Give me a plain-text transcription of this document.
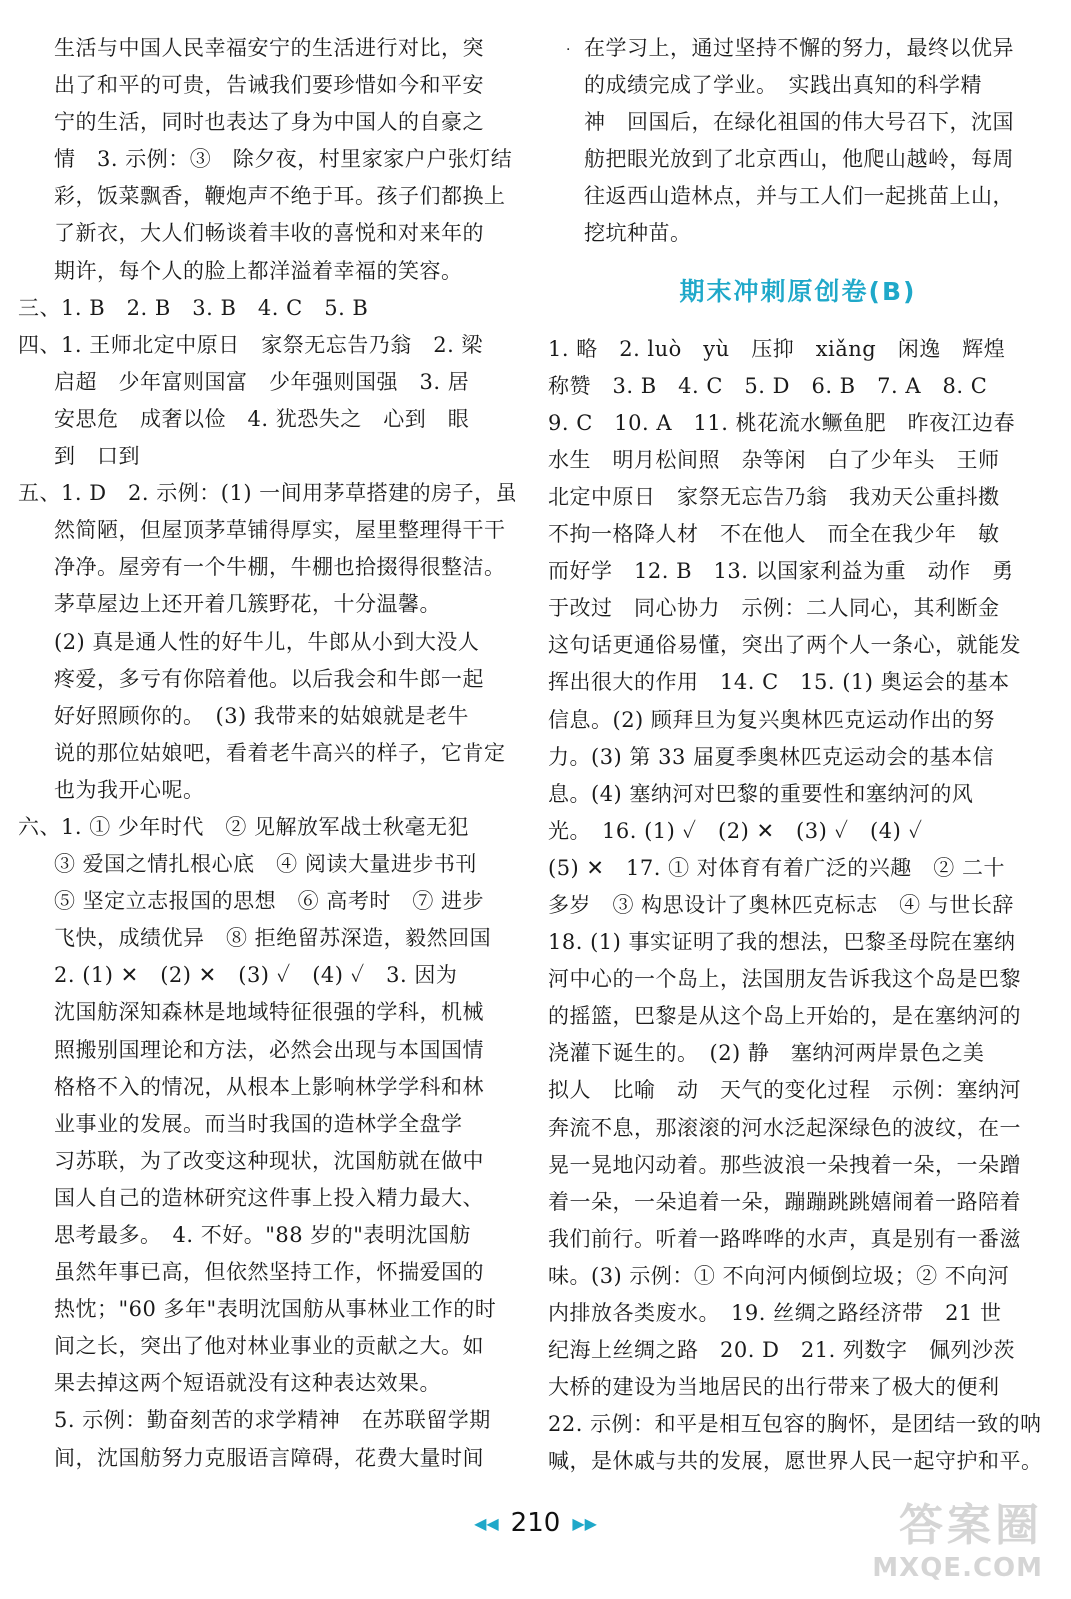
生活与中国人民幸福安宁的生活进行对比，突
出了和平的可贵，告诫我们要珍惜如今和平安
宁的生活，同时也表达了身为中国人的自豪之
情　3. 示例：③　除夕夜，村里家家户户张灯结
彩，饭菜飘香，鞭炮声不绝于耳。孩子们都换上
了新衣，大人们畅谈着丰收的喜悦和对来年的
期许，每个人的脸上都洋溢着幸福的笑容。
三、1. B　2. B　3. B　4. C　5. B
四、1. 王师北定中原日　家祭无忘告乃翁　2. 梁
启超　少年富则国富　少年强则国强　3. 居
安思危　成奢以俭　4. 犹恐失之　心到　眼
到　口到
五、1. D　2. 示例：(1) 一间用茅草搭建的房子，虽
然简陋，但屋顶茅草铺得厚实，屋里整理得干干
净净。屋旁有一个牛棚，牛棚也拾掇得很整洁。
茅草屋边上还开着几簇野花，十分温馨。
(2) 真是通人性的好牛儿，牛郎从小到大没人
疼爱，多亏有你陪着他。以后我会和牛郎一起
好好照顾你的。　(3) 我带来的姑娘就是老牛
说的那位姑娘吧，看着老牛高兴的样子，它肯定
也为我开心呢。
六、1. ① 少年时代　② 见解放军战士秋毫无犯
③ 爱国之情扎根心底　④ 阅读大量进步书刊
⑤ 坚定立志报国的思想　⑥ 高考时　⑦ 进步
飞快，成绩优异　⑧ 拒绝留苏深造，毅然回国
2. (1) ✕　(2) ✕　(3) ✓　(4) ✓　3. 因为
沈国舫深知森林是地域特征很强的学科，机械
照搬别国理论和方法，必然会出现与本国国情
格格不入的情况，从根本上影响林学学科和林
业事业的发展。而当时我国的造林学全盘学
习苏联，为了改变这种现状，沈国舫就在做中
国人自己的造林研究这件事上投入精力最大、
思考最多。　4. 不好。"88 岁的"表明沈国舫
虽然年事已高，但依然坚持工作，怀揣爱国的
热忱；"60 多年"表明沈国舫从事林业工作的时
间之长，突出了他对林业事业的贡献之大。如
果去掉这两个短语就没有这种表达效果。
5. 示例：勤奋刻苦的求学精神　在苏联留学期
间，沈国舫努力克服语言障碍，花费大量时间
· 在学习上，通过坚持不懈的努力，最终以优异
的成绩完成了学业。　实践出真知的科学精
神　回国后，在绿化祖国的伟大号召下，沈国
舫把眼光放到了北京西山，他爬山越岭，每周
往返西山造林点，并与工人们一起挑苗上山，
挖坑种苗。
期末冲刺原创卷(B)
1. 略　2. luò　yù　压抑　xiǎng　闲逸　辉煌
称赞　3. B　4. C　5. D　6. B　7. A　8. C
9. C　10. A　11. 桃花流水鳜鱼肥　昨夜江边春
水生　明月松间照　杂等闲　白了少年头　王师
北定中原日　家祭无忘告乃翁　我劝天公重抖擞
不拘一格降人材　不在他人　而全在我少年　敏
而好学　12. B　13. 以国家利益为重　动作　勇
于改过　同心协力　示例：二人同心，其利断金
这句话更通俗易懂，突出了两个人一条心，就能发
挥出很大的作用　14. C　15. (1) 奥运会的基本
信息。(2) 顾拜旦为复兴奥林匹克运动作出的努
力。(3) 第 33 届夏季奥林匹克运动会的基本信
息。(4) 塞纳河对巴黎的重要性和塞纳河的风
光。　16. (1) ✓　(2) ✕　(3) ✓　(4) ✓
(5) ✕　17. ① 对体育有着广泛的兴趣　② 二十
多岁　③ 构思设计了奥林匹克标志　④ 与世长辞
18. (1) 事实证明了我的想法，巴黎圣母院在塞纳
河中心的一个岛上，法国朋友告诉我这个岛是巴黎
的摇篮，巴黎是从这个岛上开始的，是在塞纳河的
浇灌下诞生的。　(2) 静　塞纳河两岸景色之美
拟人　比喻　动　天气的变化过程　示例：塞纳河
奔流不息，那滚滚的河水泛起深绿色的波纹，在一
晃一晃地闪动着。那些波浪一朵拽着一朵，一朵蹭
着一朵，一朵追着一朵，蹦蹦跳跳嬉闹着一路陪着
我们前行。听着一路哗哗的水声，真是别有一番滋
味。(3) 示例：① 不向河内倾倒垃圾；② 不向河
内排放各类废水。　19. 丝绸之路经济带　21 世
纪海上丝绸之路　20. D　21. 列数字　佩列沙茨
大桥的建设为当地居民的出行带来了极大的便利
22. 示例：和平是相互包容的胸怀，是团结一致的呐
喊，是休戚与共的发展，愿世界人民一起守护和平。
◀◀ 210 ▶▶	答案圈
MXQE.COM
